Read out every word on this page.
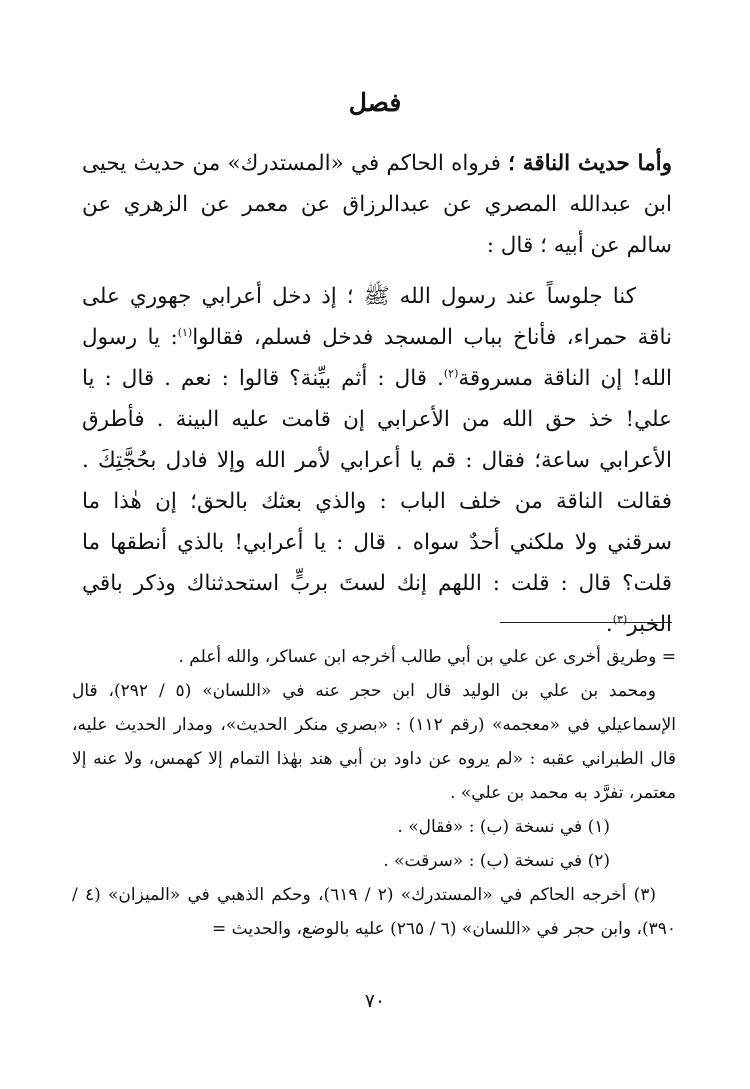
فصل
وأما حديث الناقة ؛ فرواه الحاكم في «المستدرك» من حديث يحيى ابن عبدالله المصري عن عبدالرزاق عن معمر عن الزهري عن سالم عن أبيه ؛ قال :
كنا جلوساً عند رسول الله ﷺ ؛ إذ دخل أعرابي جهوري على ناقة حمراء، فأناخ بباب المسجد فدخل فسلم، فقالوا$^{(١)}$: يا رسول الله! إن الناقة مسروقة$^{(٢)}$. قال : أثم بيِّنة؟ قالوا : نعم . قال : يا علي! خذ حق الله من الأعرابي إن قامت عليه البينة . فأطرق الأعرابي ساعة؛ فقال : قم يا أعرابي لأمر الله وإلا فادل بحُجَّتِكَ . فقالت الناقة من خلف الباب : والذي بعثك بالحق؛ إن هٰذا ما سرقني ولا ملكني أحدٌ سواه . قال : يا أعرابي! بالذي أنطقها ما قلت؟ قال : قلت : اللهم إنك لستَ بربٍّ استحدثناك وذكر باقي الخبر$^{(٣)}$.

= وطريق أخرى عن علي بن أبي طالب أخرجه ابن عساكر، والله أعلم .

ومحمد بن علي بن الوليد قال ابن حجر عنه في «اللسان» (٥ / ٢٩٢)، قال الإسماعيلي في «معجمه» (رقم ١١٢) : «بصري منكر الحديث»، ومدار الحديث عليه، قال الطبراني عقبه : «لم يروه عن داود بن أبي هند بهٰذا التمام إلا كهمس، ولا عنه إلا معتمر، تفرَّد به محمد بن علي» .

(١) في نسخة (ب) : «فقال» .

(٢) في نسخة (ب) : «سرقت» .

(٣) أخرجه الحاكم في «المستدرك» (٢ / ٦١٩)، وحكم الذهبي في «الميزان» (٤ / ٣٩٠)، وابن حجر في «اللسان» (٦ / ٢٦٥) عليه بالوضع، والحديث =

٧٠
